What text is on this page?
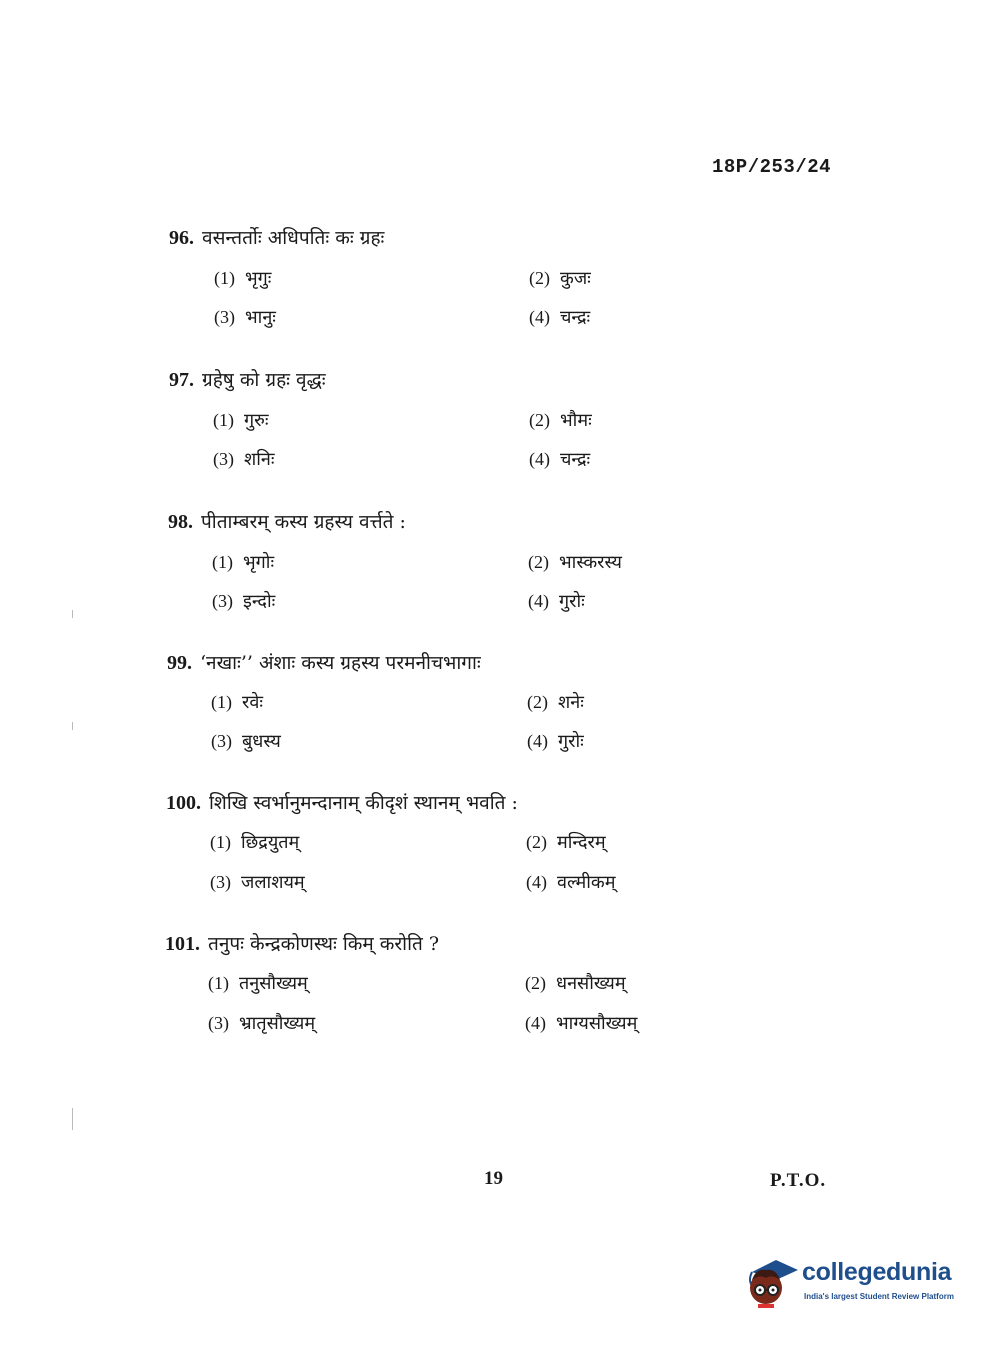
18P/253/24
96. वसन्तर्तोः अधिपतिः कः ग्रहः
(1) भृगुः	(2) कुजः
(3) भानुः	(4) चन्द्रः
97. ग्रहेषु को ग्रहः वृद्धः
(1) गुरुः	(2) भौमः
(3) शनिः	(4) चन्द्रः
98. पीताम्बरम् कस्य ग्रहस्य वर्त्तते :
(1) भृगोः	(2) भास्करस्य
(3) इन्दोः	(4) गुरोः
99. ‘नखाः’’ अंशाः कस्य ग्रहस्य परमनीचभागाः
(1) रवेः	(2) शनेः
(3) बुधस्य	(4) गुरोः
100. शिखि स्वर्भानुमन्दानाम् कीदृशं स्थानम् भवति :
(1) छिद्रयुतम्	(2) मन्दिरम्
(3) जलाशयम्	(4) वल्मीकम्
101. तनुपः केन्द्रकोणस्थः किम् करोति ?
(1) तनुसौख्यम्	(2) धनसौख्यम्
(3) भ्रातृसौख्यम्	(4) भाग्यसौख्यम्
19	P.T.O.
collegedunia
India's largest Student Review Platform
